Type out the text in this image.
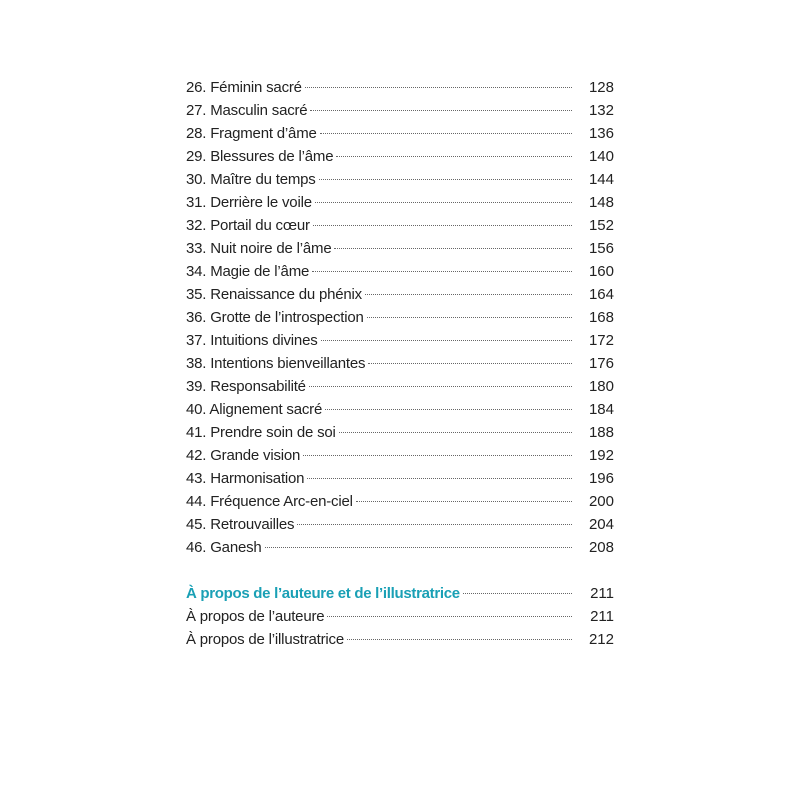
26. Féminin sacré	128
27. Masculin sacré	132
28. Fragment d’âme	136
29. Blessures de l’âme	140
30. Maître du temps	144
31. Derrière le voile	148
32. Portail du cœur	152
33. Nuit noire de l’âme	156
34. Magie de l’âme	160
35. Renaissance du phénix	164
36. Grotte de l’introspection	168
37. Intuitions divines	172
38. Intentions bienveillantes	176
39. Responsabilité	180
40. Alignement sacré	184
41. Prendre soin de soi	188
42. Grande vision	192
43. Harmonisation	196
44. Fréquence Arc-en-ciel	200
45. Retrouvailles	204
46. Ganesh	208
À propos de l’auteure et de l’illustratrice	211
À propos de l’auteure	211
À propos de l’illustratrice	212
